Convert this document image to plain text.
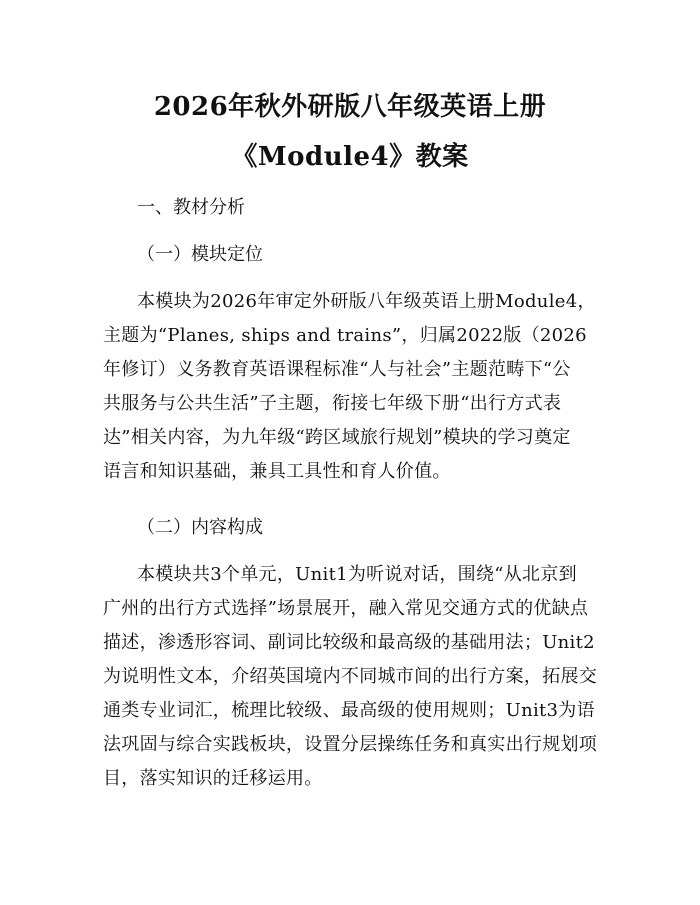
2026年秋外研版八年级英语上册
《Module4》教案
一、教材分析
（一）模块定位
本模块为2026年审定外研版八年级英语上册Module4，
主题为“Planes, ships and trains”，归属2022版（2026
年修订）义务教育英语课程标准“人与社会”主题范畴下“公
共服务与公共生活”子主题，衔接七年级下册“出行方式表
达”相关内容，为九年级“跨区域旅行规划”模块的学习奠定
语言和知识基础，兼具工具性和育人价值。
（二）内容构成
本模块共3个单元，Unit1为听说对话，围绕“从北京到
广州的出行方式选择”场景展开，融入常见交通方式的优缺点
描述，渗透形容词、副词比较级和最高级的基础用法；Unit2
为说明性文本，介绍英国境内不同城市间的出行方案，拓展交
通类专业词汇，梳理比较级、最高级的使用规则；Unit3为语
法巩固与综合实践板块，设置分层操练任务和真实出行规划项
目，落实知识的迁移运用。
